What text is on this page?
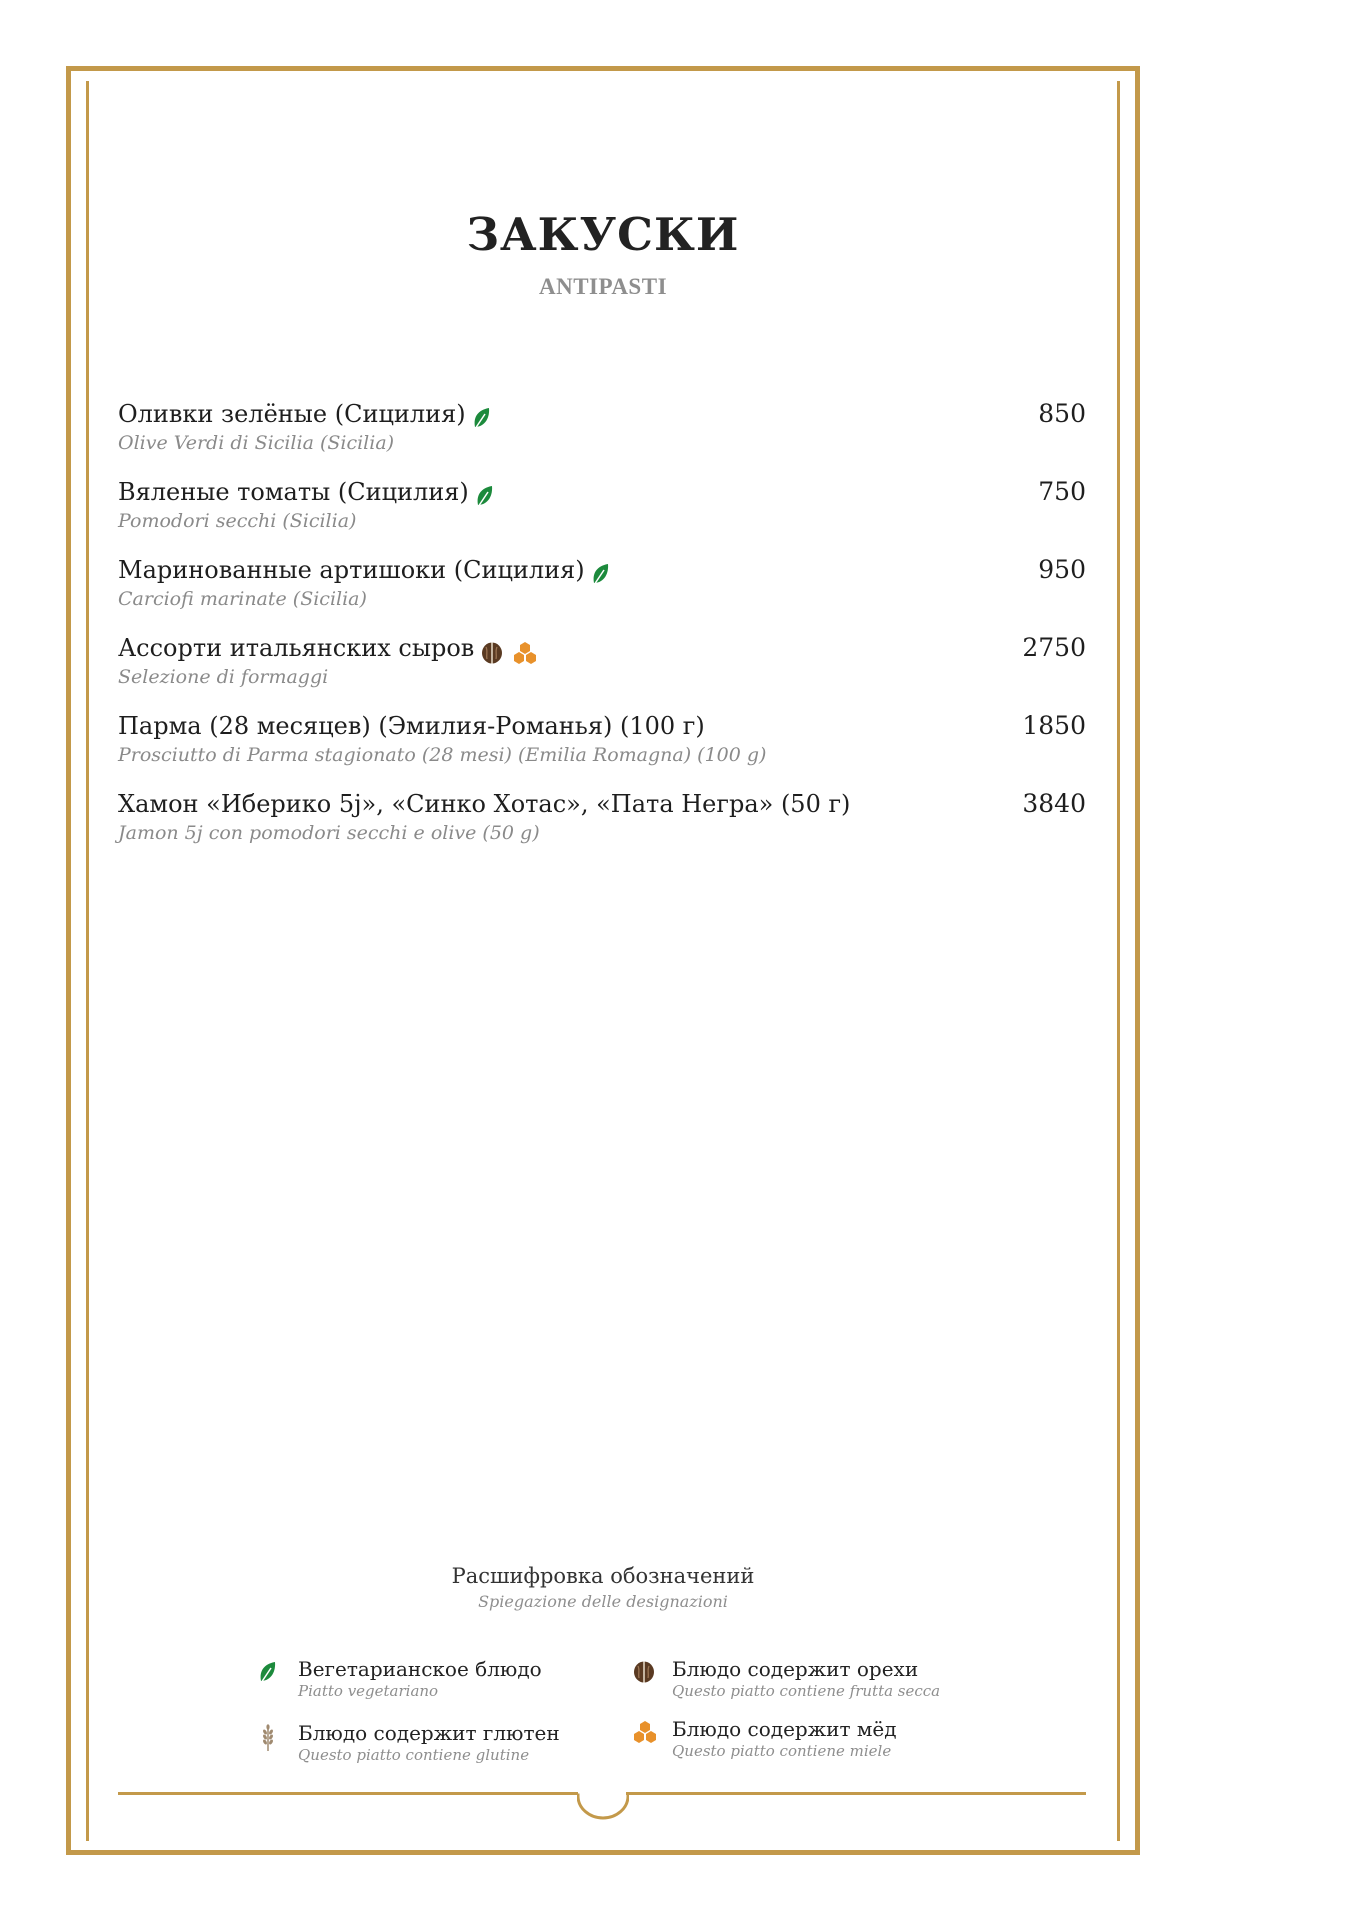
ЗАКУСКИ
ANTIPASTI
Оливки зелёные (Сицилия)
Olive Verdi di Sicilia (Sicilia)
850
Вяленые томаты (Сицилия)
Pomodori secchi (Sicilia)
750
Маринованные артишоки (Сицилия)
Carciofi marinate (Sicilia)
950
Ассорти итальянских сыров
Selezione di formaggi
2750
Парма (28 месяцев) (Эмилия-Романья) (100 г)
Prosciutto di Parma stagionato (28 mesi) (Emilia Romagna) (100 g)
1850
Хамон «Иберико 5j», «Синко Хотас», «Пата Негра» (50 г)
Jamon 5j con pomodori secchi e olive (50 g)
3840
Расшифровка обозначений
Spiegazione delle designazioni
Вегетарианское блюдо
Piatto vegetariano
Блюдо содержит орехи
Questo piatto contiene frutta secca
Блюдо содержит глютен
Questo piatto contiene glutine
Блюдо содержит мёд
Questo piatto contiene miele
